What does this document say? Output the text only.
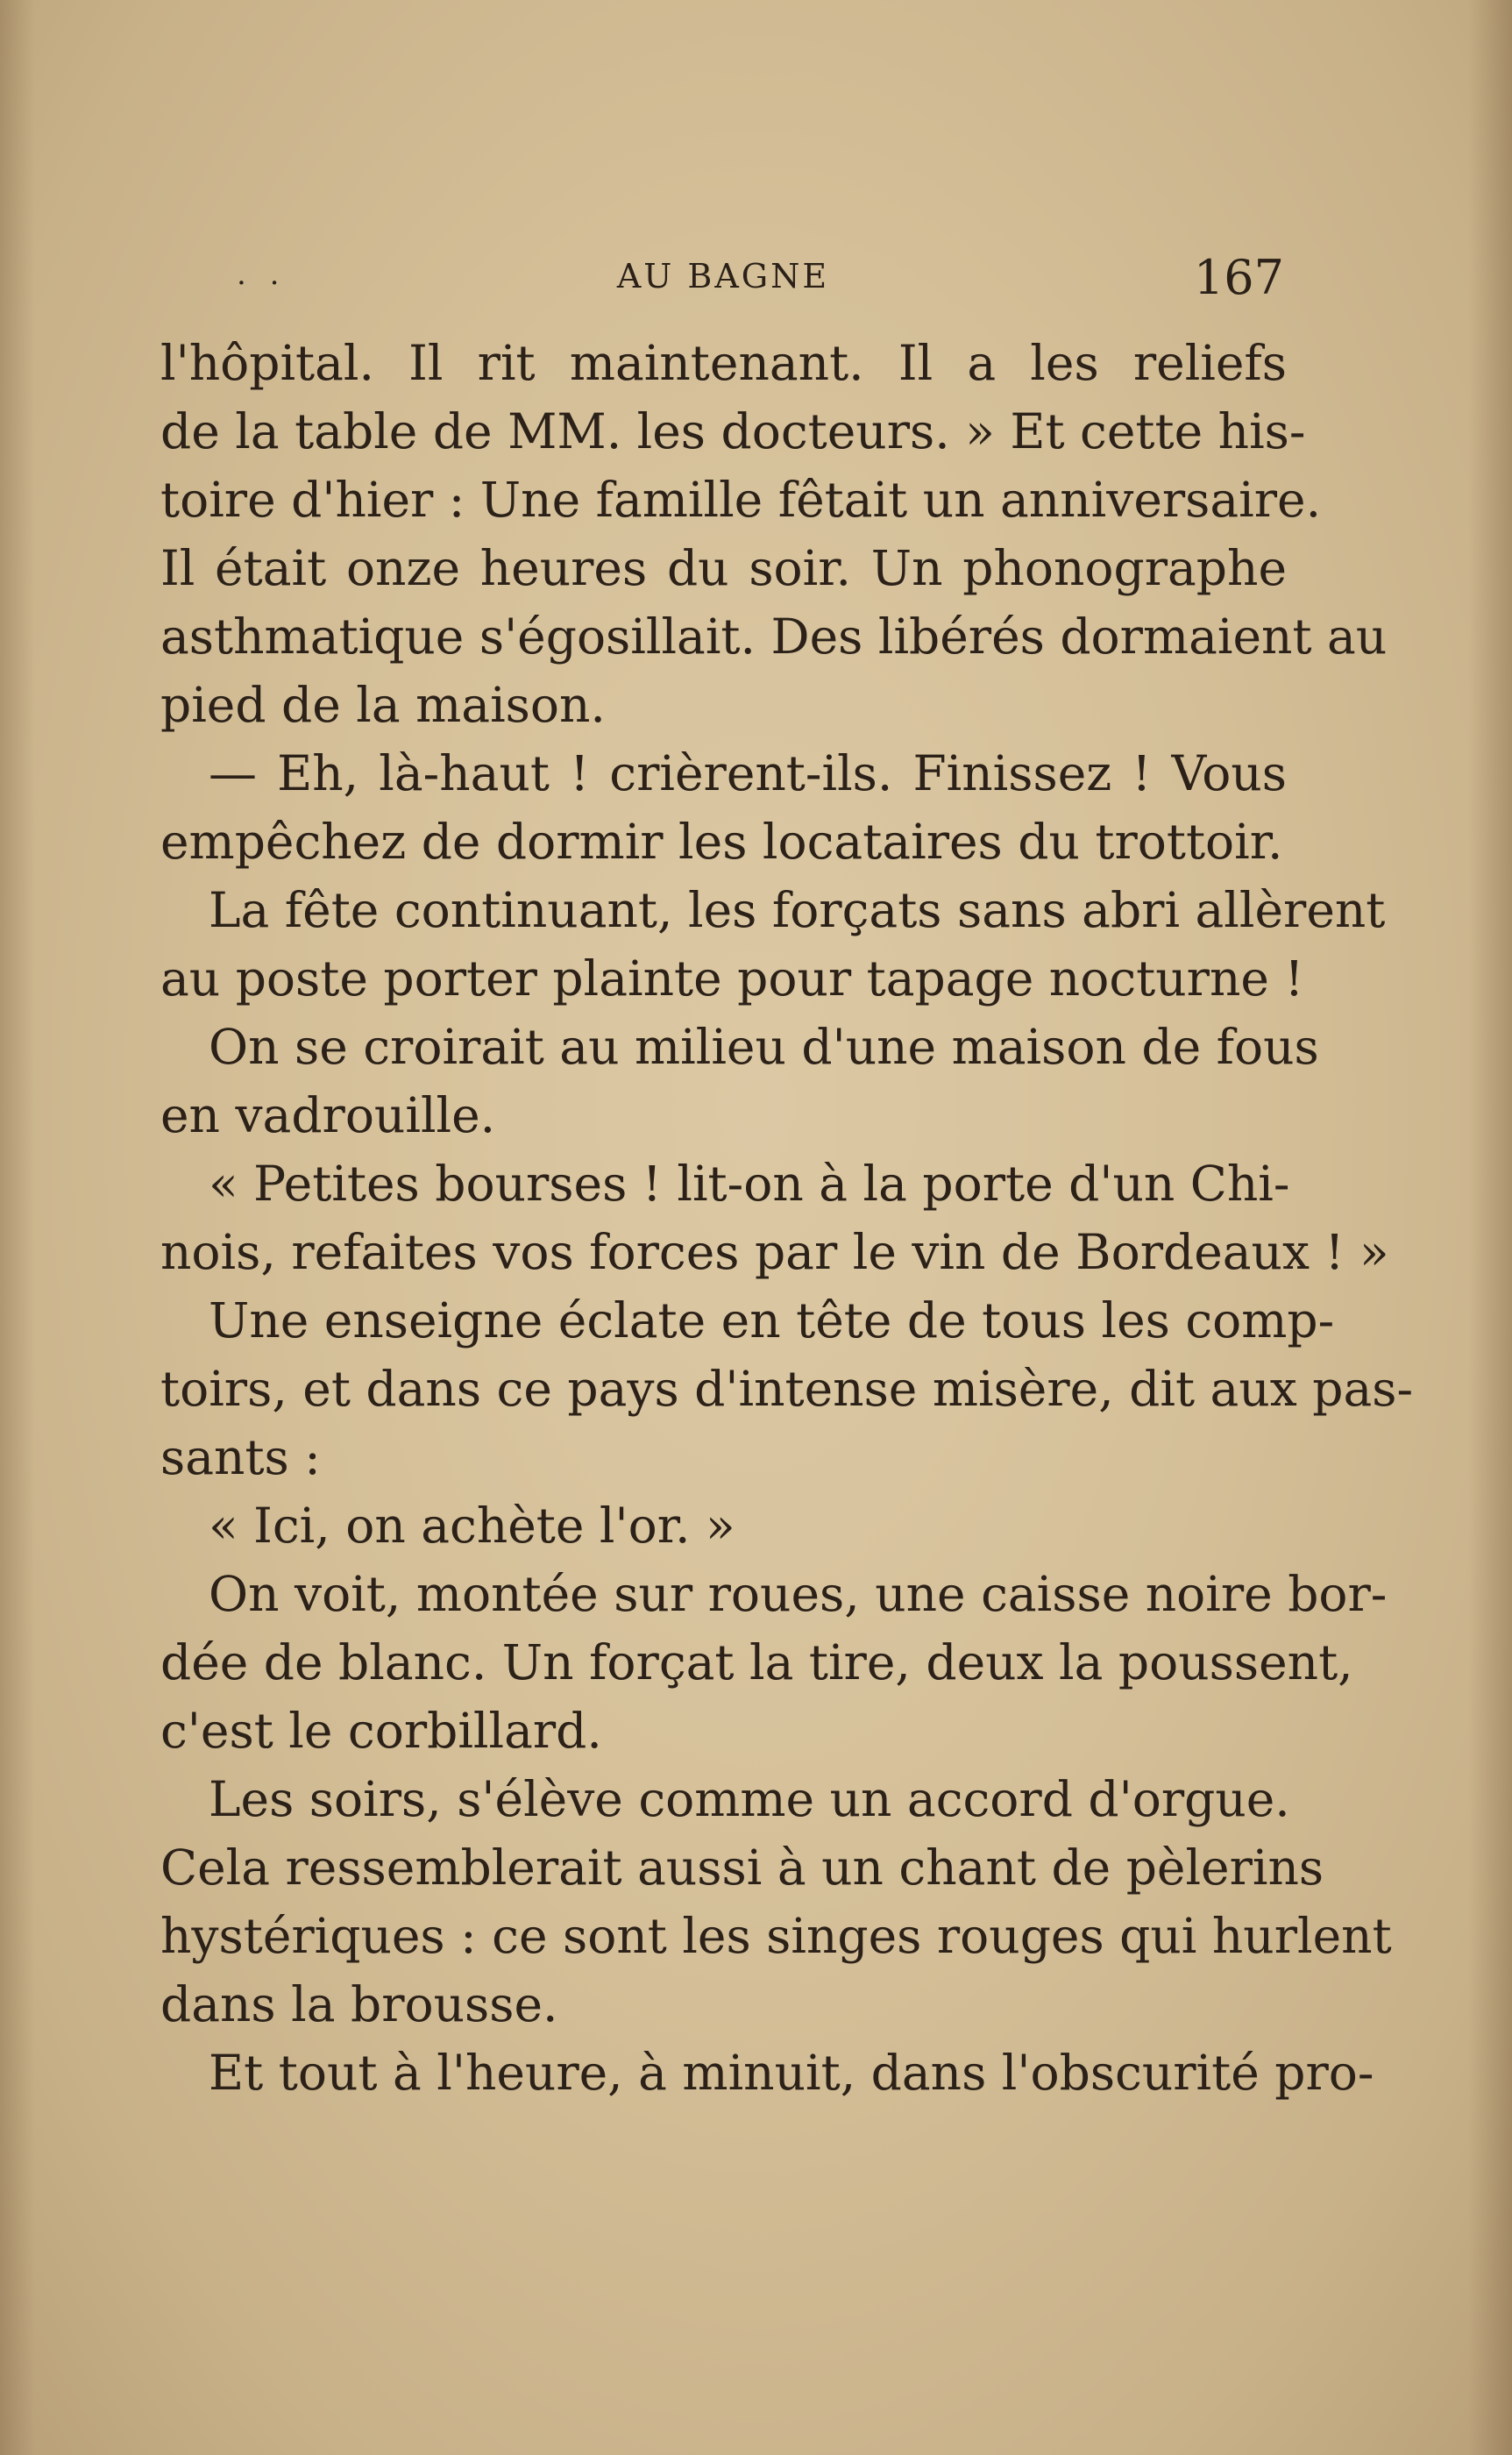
. .	AU BAGNE	167
l'hôpital. Il rit maintenant. Il a les reliefs
de la table de MM. les docteurs. » Et cette his-
toire d'hier : Une famille fêtait un anniversaire.
Il était onze heures du soir. Un phonographe
asthmatique s'égosillait. Des libérés dormaient au
pied de la maison.
— Eh, là-haut ! crièrent-ils. Finissez ! Vous
empêchez de dormir les locataires du trottoir.
La fête continuant, les forçats sans abri allèrent
au poste porter plainte pour tapage nocturne !
On se croirait au milieu d'une maison de fous
en vadrouille.
« Petites bourses ! lit-on à la porte d'un Chi-
nois, refaites vos forces par le vin de Bordeaux ! »
Une enseigne éclate en tête de tous les comp-
toirs, et dans ce pays d'intense misère, dit aux pas-
sants :
« Ici, on achète l'or. »
On voit, montée sur roues, une caisse noire bor-
dée de blanc. Un forçat la tire, deux la poussent,
c'est le corbillard.
Les soirs, s'élève comme un accord d'orgue.
Cela ressemblerait aussi à un chant de pèlerins
hystériques : ce sont les singes rouges qui hurlent
dans la brousse.
Et tout à l'heure, à minuit, dans l'obscurité pro-
